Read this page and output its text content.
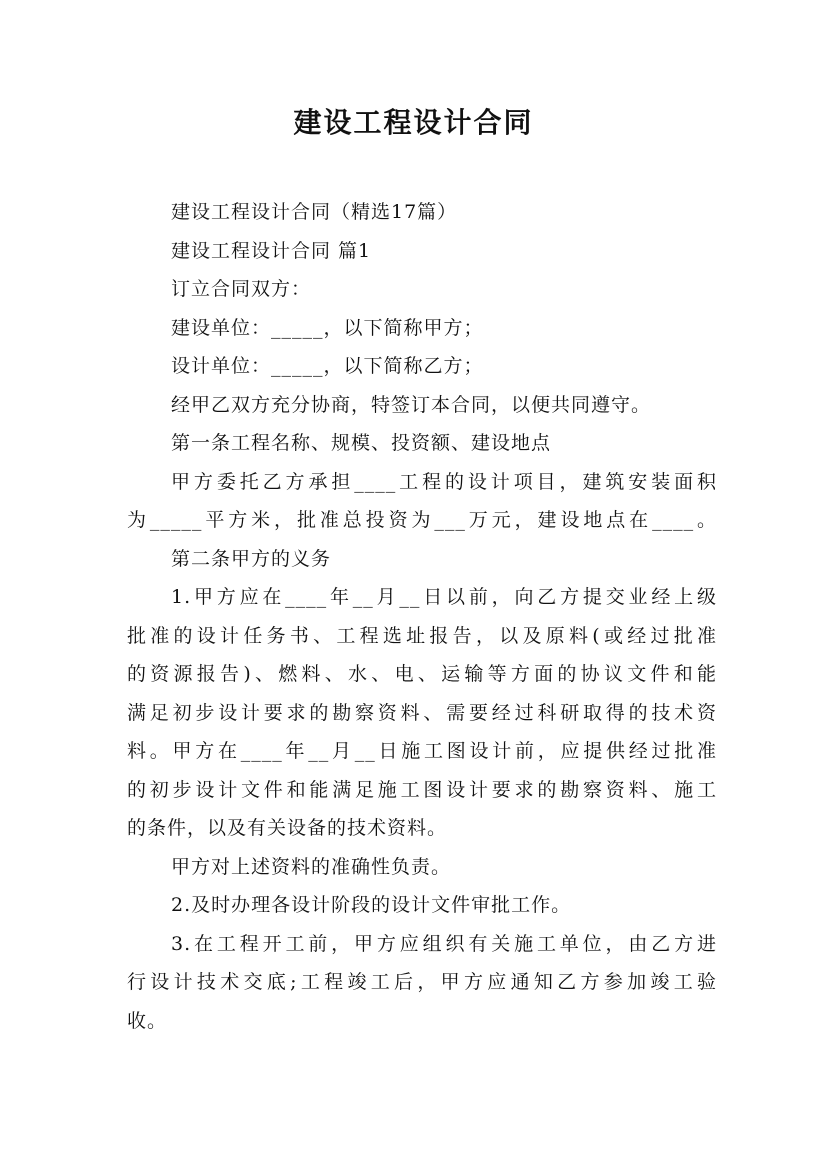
建设工程设计合同
建设工程设计合同（精选17篇）
建设工程设计合同 篇1
订立合同双方：
建设单位：_____，以下简称甲方；
设计单位：_____，以下简称乙方；
经甲乙双方充分协商，特签订本合同，以便共同遵守。
第一条工程名称、规模、投资额、建设地点
甲方委托乙方承担____工程的设计项目，建筑安装面积
为_____平方米，批准总投资为___万元，建设地点在____。
第二条甲方的义务
1.甲方应在____年__月__日以前，向乙方提交业经上级
批准的设计任务书、工程选址报告，以及原料(或经过批准
的资源报告)、燃料、水、电、运输等方面的协议文件和能
满足初步设计要求的勘察资料、需要经过科研取得的技术资
料。甲方在____年__月__日施工图设计前，应提供经过批准
的初步设计文件和能满足施工图设计要求的勘察资料、施工
的条件，以及有关设备的技术资料。
甲方对上述资料的准确性负责。
2.及时办理各设计阶段的设计文件审批工作。
3.在工程开工前，甲方应组织有关施工单位，由乙方进
行设计技术交底;工程竣工后，甲方应通知乙方参加竣工验
收。
